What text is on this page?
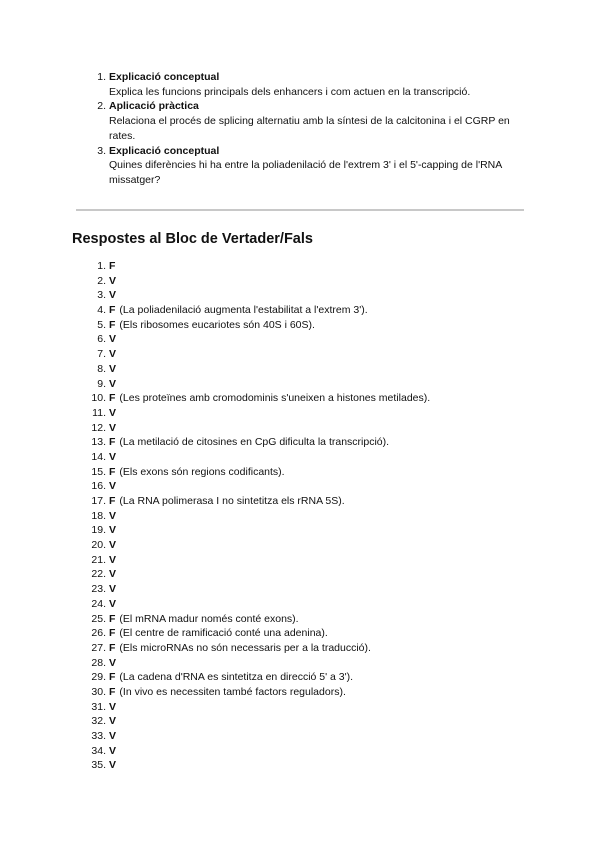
1. Explicació conceptual
Explica les funcions principals dels enhancers i com actuen en la transcripció.
2. Aplicació pràctica
Relaciona el procés de splicing alternatiu amb la síntesi de la calcitonina i el CGRP en rates.
3. Explicació conceptual
Quines diferències hi ha entre la poliadenilació de l'extrem 3' i el 5'-capping de l'RNA missatger?
Respostes al Bloc de Vertader/Fals
1. F
2. V
3. V
4. F (La poliadenilació augmenta l'estabilitat a l'extrem 3').
5. F (Els ribosomes eucariotes són 40S i 60S).
6. V
7. V
8. V
9. V
10. F (Les proteïnes amb cromodominis s'uneixen a histones metilades).
11. V
12. V
13. F (La metilació de citosines en CpG dificulta la transcripció).
14. V
15. F (Els exons són regions codificants).
16. V
17. F (La RNA polimerasa I no sintetitza els rRNA 5S).
18. V
19. V
20. V
21. V
22. V
23. V
24. V
25. F (El mRNA madur només conté exons).
26. F (El centre de ramificació conté una adenina).
27. F (Els microRNAs no són necessaris per a la traducció).
28. V
29. F (La cadena d'RNA es sintetitza en direcció 5' a 3').
30. F (In vivo es necessiten també factors reguladors).
31. V
32. V
33. V
34. V
35. V
